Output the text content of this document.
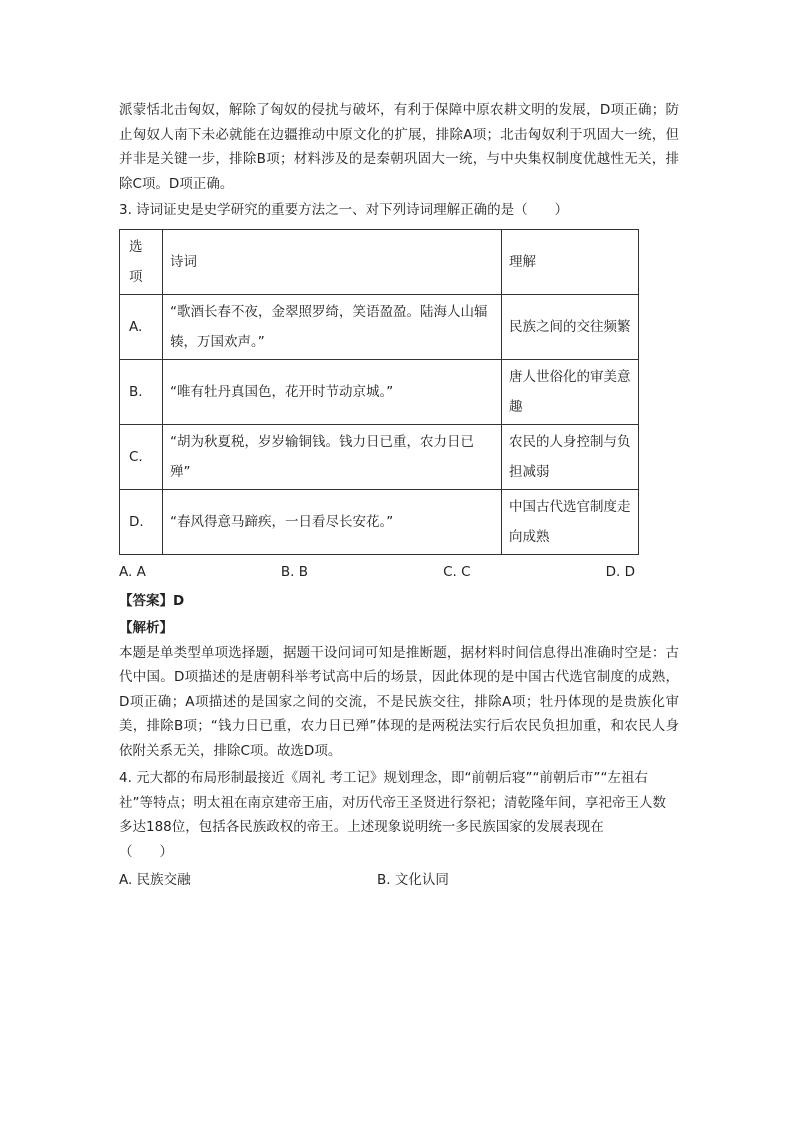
派蒙恬北击匈奴，解除了匈奴的侵扰与破坏，有利于保障中原农耕文明的发展，D项正确；防止匈奴人南下未必就能在边疆推动中原文化的扩展，排除A项；北击匈奴利于巩固大一统，但并非是关键一步，排除B项；材料涉及的是秦朝巩固大一统，与中央集权制度优越性无关，排除C项。D项正确。

3. 诗词证史是史学研究的重要方法之一、对下列诗词理解正确的是（　　）

选项	诗词	理解
A.	“歌酒长春不夜，金翠照罗绮，笑语盈盈。陆海人山辐辏，万国欢声。”	民族之间的交往频繁
B.	“唯有牡丹真国色，花开时节动京城。”	唐人世俗化的审美意趣
C.	“胡为秋夏税，岁岁输铜钱。钱力日已重，农力日已殚”	农民的人身控制与负担减弱
D.	“春风得意马蹄疾，一日看尽长安花。”	中国古代选官制度走向成熟
A. A	B. B	C. C	D. D

【答案】D

【解析】

本题是单类型单项选择题，据题干设问词可知是推断题，据材料时间信息得出准确时空是：古代中国。D项描述的是唐朝科举考试高中后的场景，因此体现的是中国古代选官制度的成熟，D项正确；A项描述的是国家之间的交流，不是民族交往，排除A项；牡丹体现的是贵族化审美，排除B项；“钱力日已重，农力日已殚”体现的是两税法实行后农民负担加重，和农民人身依附关系无关，排除C项。故选D项。

4. 元大都的布局形制最接近《周礼 考工记》规划理念，即“前朝后寝”“前朝后市”“左祖右社”等特点；明太祖在南京建帝王庙，对历代帝王圣贤进行祭祀；清乾隆年间，享祀帝王人数多达188位，包括各民族政权的帝王。上述现象说明统一多民族国家的发展表现在

（　　）

A. 民族交融	B. 文化认同
